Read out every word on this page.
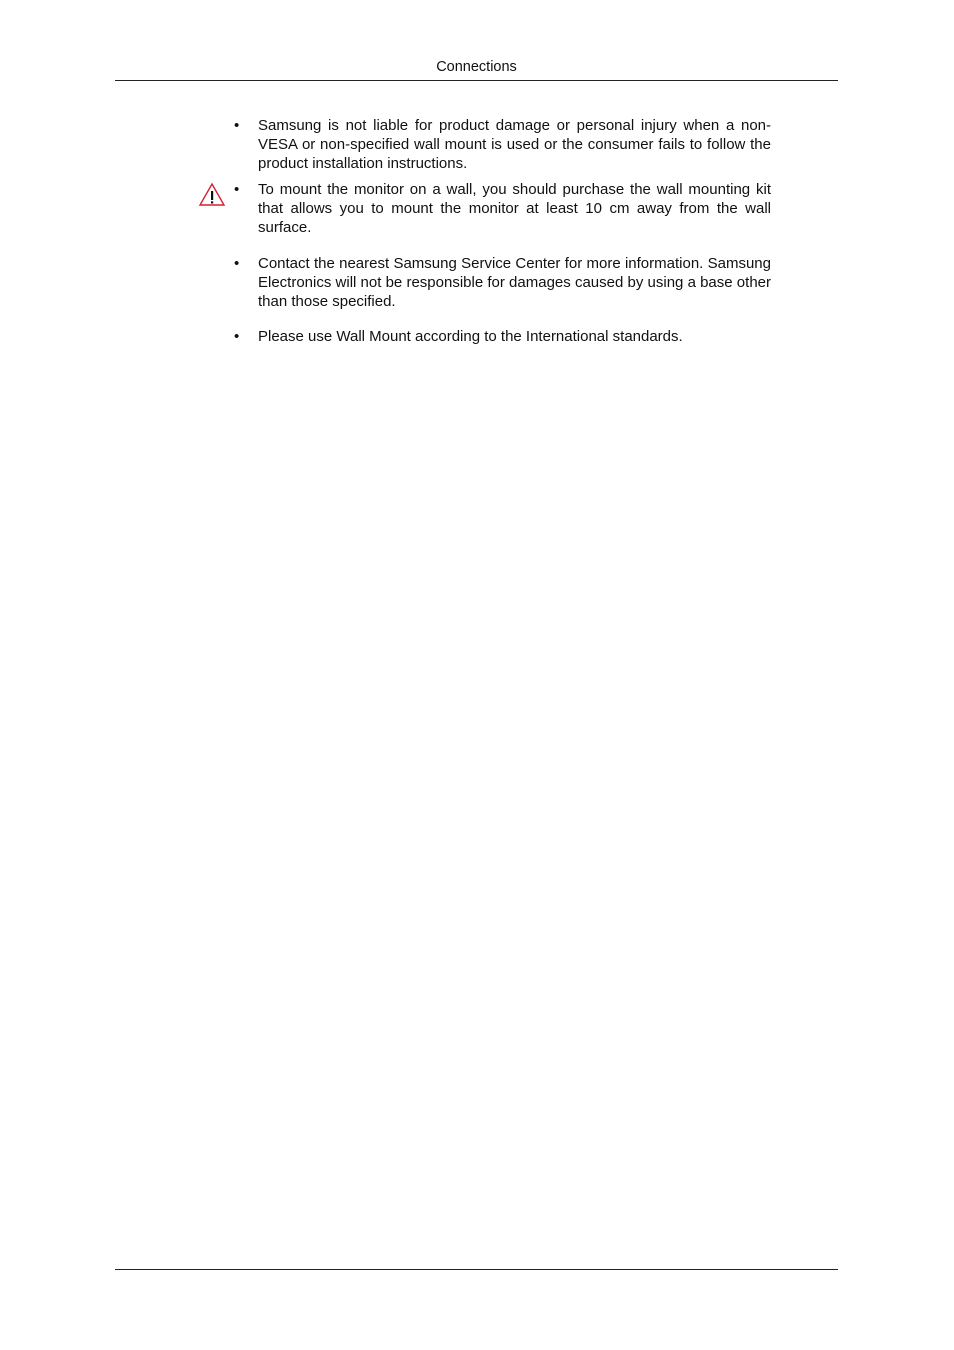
Connections
•	Samsung is not liable for product damage or personal injury when a non-VESA or non-specified wall mount is used or the consumer fails to follow the product installation instructions.
•	To mount the monitor on a wall, you should purchase the wall mounting kit that allows you to mount the monitor at least 10 cm away from the wall surface.
•	Contact the nearest Samsung Service Center for more information. Samsung Electronics will not be responsible for damages caused by using a base other than those specified.
•	Please use Wall Mount according to the International standards.
